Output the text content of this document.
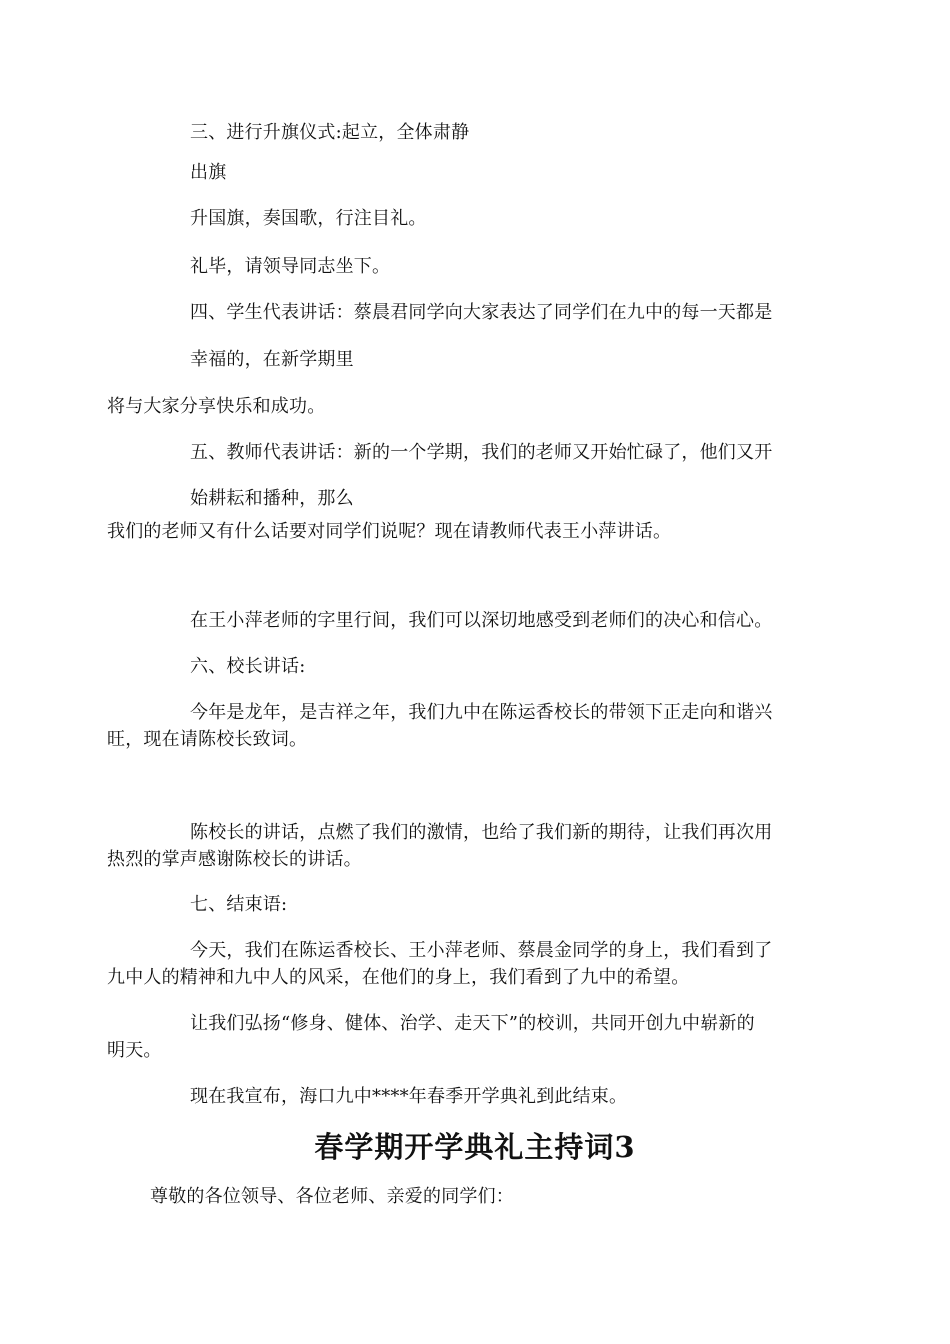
三、进行升旗仪式:起立，全体肃静

出旗

升国旗，奏国歌，行注目礼。

礼毕，请领导同志坐下。

四、学生代表讲话：蔡晨君同学向大家表达了同学们在九中的每一天都是

幸福的，在新学期里

将与大家分享快乐和成功。

五、教师代表讲话：新的一个学期，我们的老师又开始忙碌了，他们又开

始耕耘和播种，那么

我们的老师又有什么话要对同学们说呢？现在请教师代表王小萍讲话。

在王小萍老师的字里行间，我们可以深切地感受到老师们的决心和信心。

六、校长讲话:

今年是龙年，是吉祥之年，我们九中在陈运香校长的带领下正走向和谐兴

旺，现在请陈校长致词。

陈校长的讲话，点燃了我们的激情，也给了我们新的期待，让我们再次用

热烈的掌声感谢陈校长的讲话。

七、结束语:

今天，我们在陈运香校长、王小萍老师、蔡晨金同学的身上，我们看到了

九中人的精神和九中人的风采，在他们的身上，我们看到了九中的希望。

让我们弘扬“修身、健体、治学、走天下”的校训，共同开创九中崭新的

明天。

现在我宣布，海口九中****年春季开学典礼到此结束。

春学期开学典礼主持词3

尊敬的各位领导、各位老师、亲爱的同学们：
